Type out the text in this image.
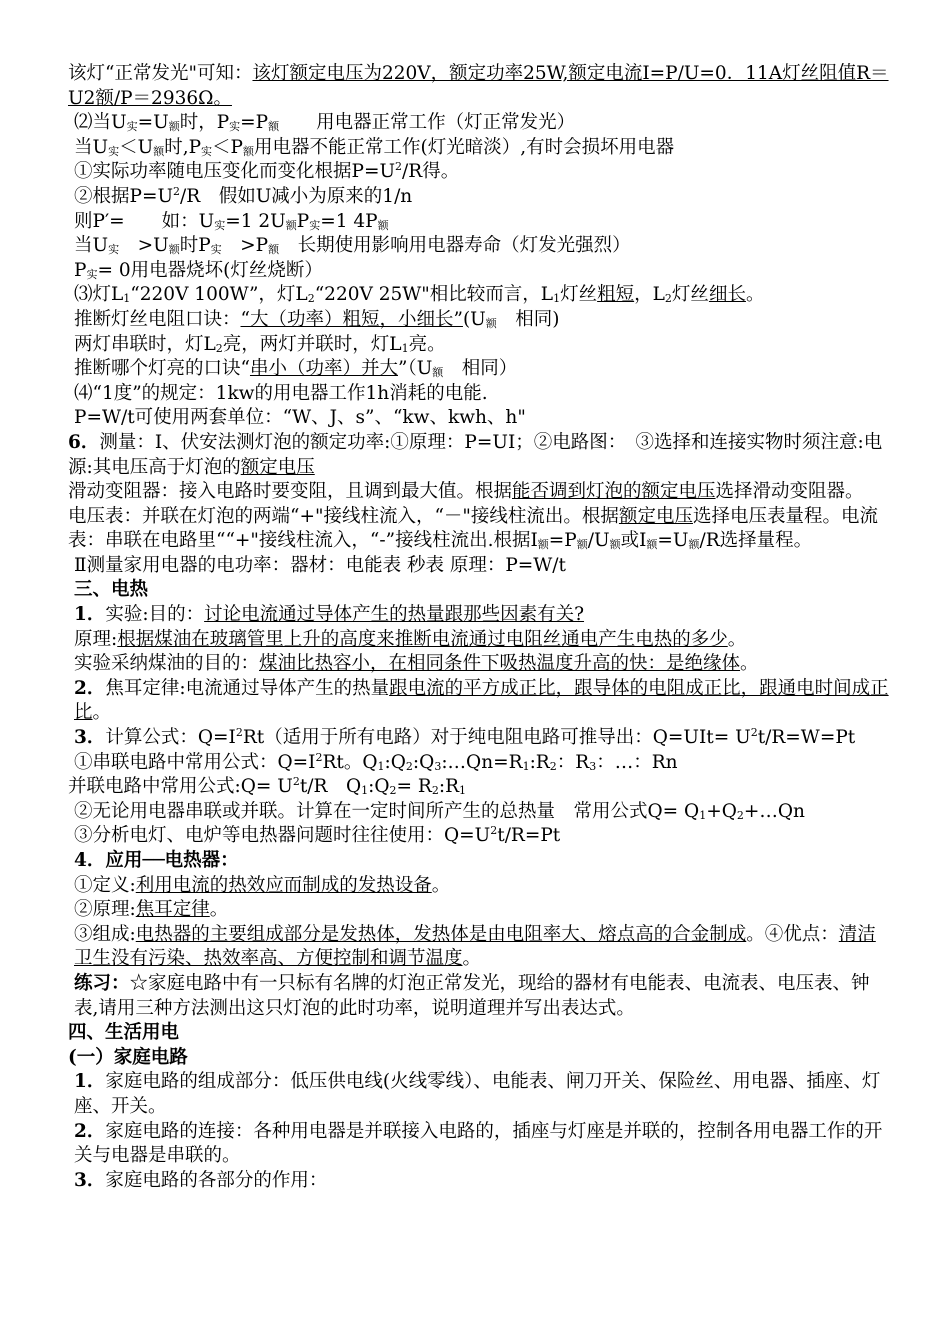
该灯“正常发光"可知：该灯额定电压为220V，额定功率25W,额定电流I=P/U=0．11A灯丝阻值R＝U2额/P＝2936Ω。
⑵当$U_实=U_额$时，$P_实=P_额$　　用电器正常工作（灯正常发光）
当$U_实<U_额$时$,P_实<P_额$用电器不能正常工作(灯光暗淡）,有时会损坏用电器
①实际功率随电压变化而变化根据$P=U^2/R$得。
②根据$P=U^2/R$　假如U减小为原来的1/n
则P′=　　如：$U_实=1$ $2U_额P_实=1$ $4P_额$
当$U_实$　$>U_额$时$P_实$　$>P_额$　长期使用影响用电器寿命（灯发光强烈）
$P_实= 0$用电器烧坏(灯丝烧断）
⑶灯$L_1“220V$ 100W”，灯$L_2“220V$ 25W"相比较而言，$L_1$灯丝粗短，$L_2$灯丝细长。
推断灯丝电阻口诀：“大（功率）粗短，小细长$”(U_额$　相同)
两灯串联时，灯$L_2$亮，两灯并联时，灯$L_1$亮。
推断哪个灯亮的口诀“串小（功率）并大$”(U_额$　相同）
⑷“1度”的规定：1kw的用电器工作1h消耗的电能.
P=W/t可使用两套单位：“W、J、s”、“kw、kwh、h"
6．测量：Ⅰ、伏安法测灯泡的额定功率:①原理：P=UI；②电路图：　③选择和连接实物时须注意:电源:其电压高于灯泡的额定电压
滑动变阻器：接入电路时要变阻，且调到最大值。根据能否调到灯泡的额定电压选择滑动变阻器。　电压表：并联在灯泡的两端“+"接线柱流入，“－"接线柱流出。根据额定电压选择电压表量程。电流表：串联在电路里““+"接线柱流入，“-”接线柱流出.根据$I_额=P_额/U_额$或$I_额=U_额/R$选择量程。
Ⅱ测量家用电器的电功率：器材：电能表 秒表 原理：P=W/t
三、电热
1．实验:目的：讨论电流通过导体产生的热量跟那些因素有关?
原理:根据煤油在玻璃管里上升的高度来推断电流通过电阻丝通电产生电热的多少。
实验采纳煤油的目的：煤油比热容小，在相同条件下吸热温度升高的快：是绝缘体。
2．焦耳定律:电流通过导体产生的热量跟电流的平方成正比，跟导体的电阻成正比，跟通电时间成正比。
3．计算公式：$Q=I^2Rt$（适用于所有电路）对于纯电阻电路可推导出：$Q=UIt= U^2t/R=W=Pt$
①串联电路中常用公式：$Q=I^2Rt$。$Q_1:Q_2:Q_3:\dots Qn=R_1:R_2$：$R_3$：…：Rn
并联电路中常用公式:Q= $U^2t/R$　$Q_1:Q_2=$ $R_2:R_1$
②无论用电器串联或并联。计算在一定时间所产生的总热量　常用公式$Q= Q_1+Q_2+\dots Qn$
③分析电灯、电炉等电热器问题时往往使用：$Q=U^2t/R=Pt$
4．应用──电热器：
①定义:利用电流的热效应而制成的发热设备。
②原理:焦耳定律。
③组成:电热器的主要组成部分是发热体，发热体是由电阻率大、熔点高的合金制成。④优点：清洁卫生没有污染、热效率高、方便控制和调节温度。
练习：☆家庭电路中有一只标有名牌的灯泡正常发光，现给的器材有电能表、电流表、电压表、钟表,请用三种方法测出这只灯泡的此时功率，说明道理并写出表达式。
四、生活用电
(一）家庭电路
1．家庭电路的组成部分：低压供电线(火线零线）、电能表、闸刀开关、保险丝、用电器、插座、灯座、开关。
2．家庭电路的连接：各种用电器是并联接入电路的，插座与灯座是并联的，控制各用电器工作的开关与电器是串联的。
3．家庭电路的各部分的作用：
